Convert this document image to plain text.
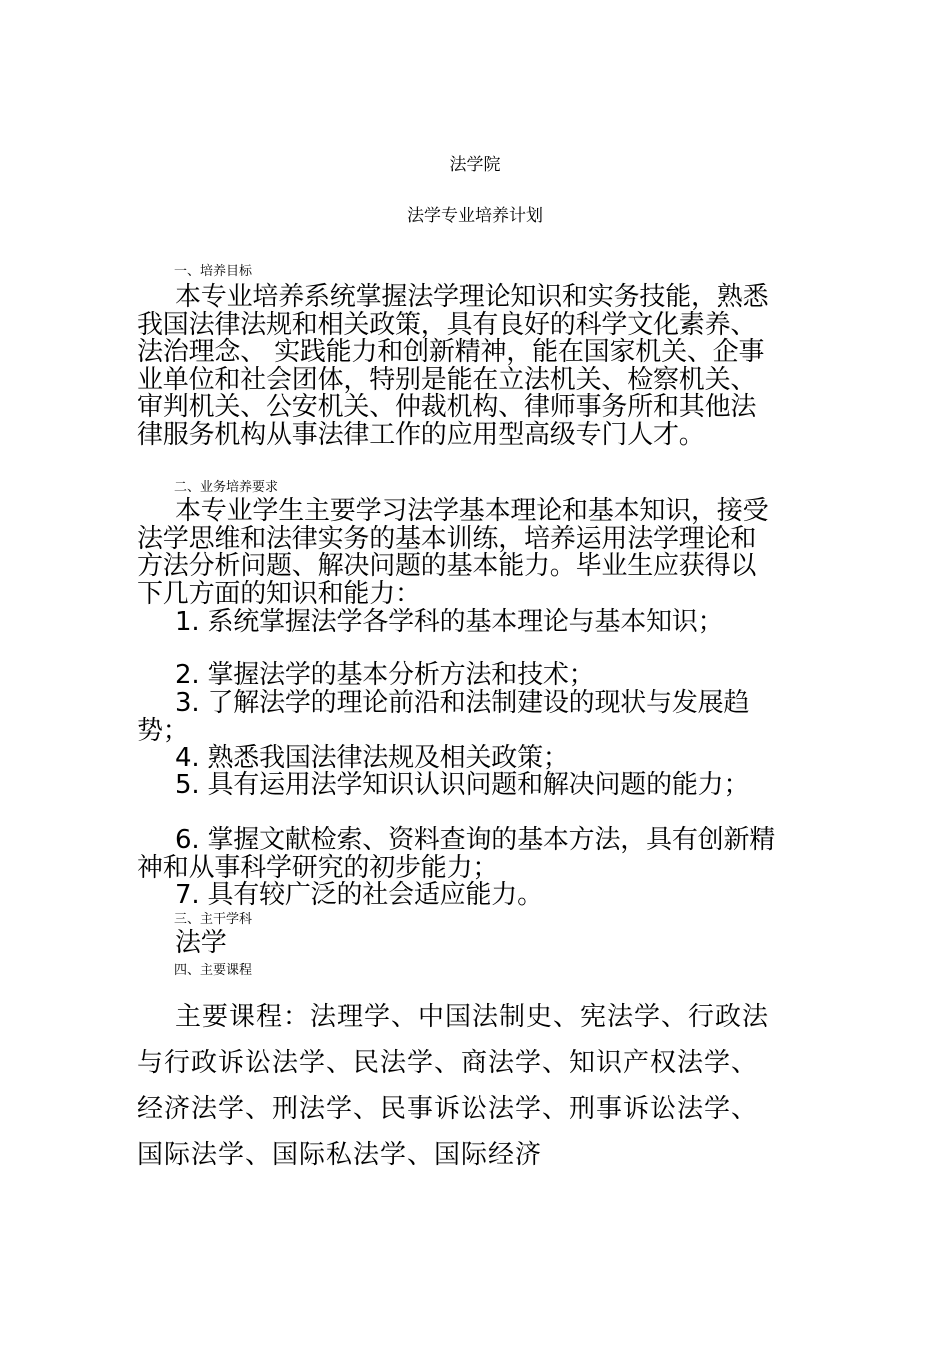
法学院
法学专业培养计划
一、培养目标

本专业培养系统掌握法学理论知识和实务技能，熟悉我国法律法规和相关政策，具有良好的科学文化素养、 法治理念、 实践能力和创新精神，能在国家机关、企事业单位和社会团体，特别是能在立法机关、检察机关、审判机关、公安机关、仲裁机构、律师事务所和其他法律服务机构从事法律工作的应用型高级专门人才。

二、业务培养要求

本专业学生主要学习法学基本理论和基本知识，接受法学思维和法律实务的基本训练，培养运用法学理论和方法分析问题、解决问题的基本能力。毕业生应获得以下几方面的知识和能力：

1. 系统掌握法学各学科的基本理论与基本知识；

2. 掌握法学的基本分析方法和技术；

3. 了解法学的理论前沿和法制建设的现状与发展趋势；

4. 熟悉我国法律法规及相关政策；

5. 具有运用法学知识认识问题和解决问题的能力；

6. 掌握文献检索、资料查询的基本方法，具有创新精神和从事科学研究的初步能力；

7. 具有较广泛的社会适应能力。

三、主干学科

法学

四、主要课程

主要课程：法理学、中国法制史、宪法学、行政法与行政诉讼法学、民法学、商法学、知识产权法学、经济法学、刑法学、民事诉讼法学、刑事诉讼法学、国际法学、国际私法学、国际经济
